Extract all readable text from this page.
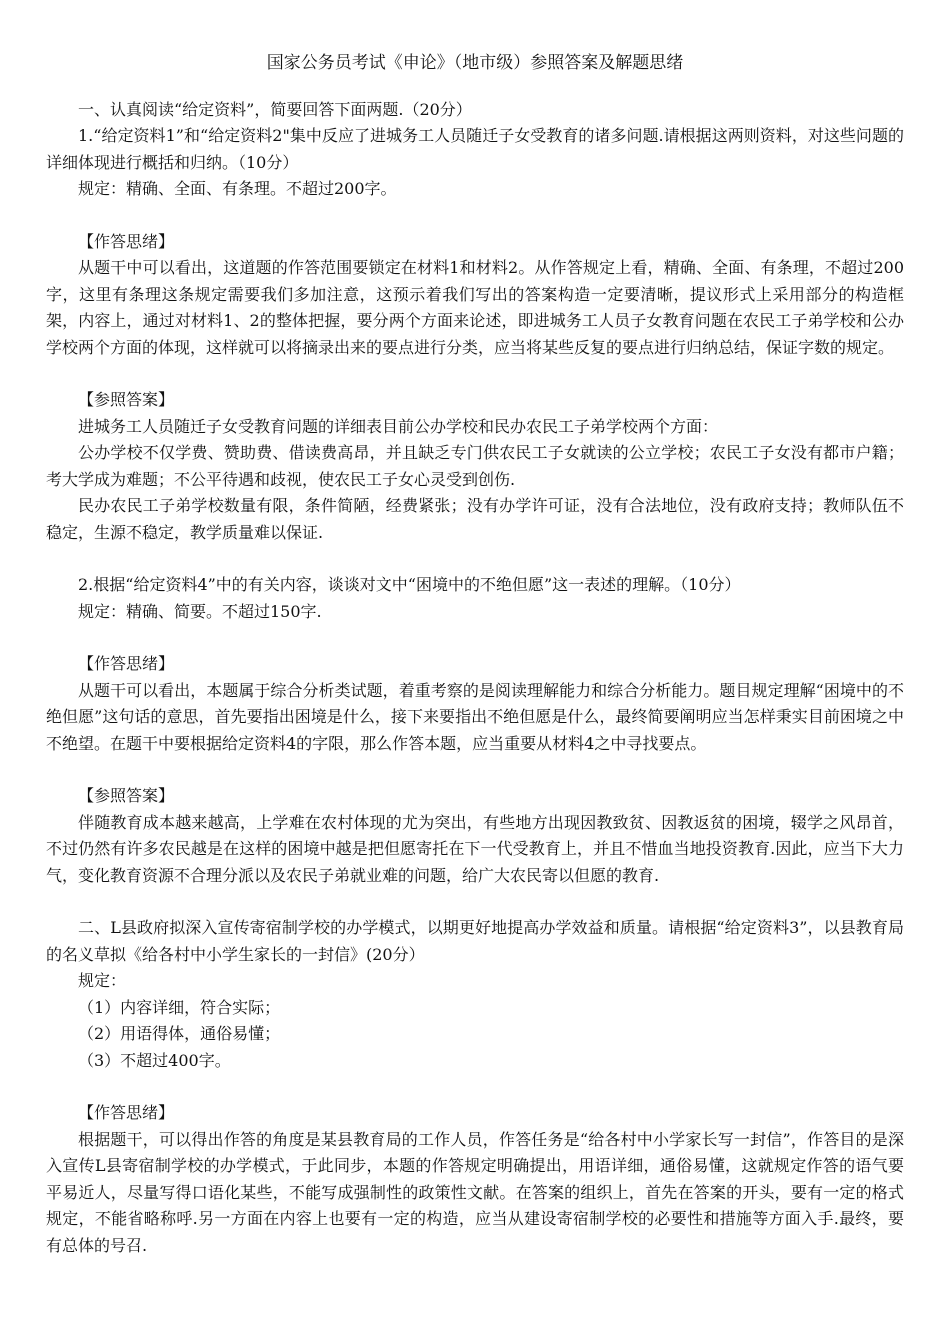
国家公务员考试《申论》（地市级）参照答案及解题思绪

一、认真阅读“给定资料”，简要回答下面两题.（20分）

1.“给定资料1”和“给定资料2"集中反应了进城务工人员随迁子女受教育的诸多问题.请根据这两则资料，对这些问题的详细体现进行概括和归纳。（10分）

规定：精确、全面、有条理。不超过200字。

【作答思绪】

从题干中可以看出，这道题的作答范围要锁定在材料1和材料2。从作答规定上看，精确、全面、有条理，不超过200字，这里有条理这条规定需要我们多加注意，这预示着我们写出的答案构造一定要清晰，提议形式上采用部分的构造框架，内容上，通过对材料1、2的整体把握，要分两个方面来论述，即进城务工人员子女教育问题在农民工子弟学校和公办学校两个方面的体现，这样就可以将摘录出来的要点进行分类，应当将某些反复的要点进行归纳总结，保证字数的规定。

【参照答案】

进城务工人员随迁子女受教育问题的详细表目前公办学校和民办农民工子弟学校两个方面：

公办学校不仅学费、赞助费、借读费高昂，并且缺乏专门供农民工子女就读的公立学校；农民工子女没有都市户籍；考大学成为难题；不公平待遇和歧视，使农民工子女心灵受到创伤.

民办农民工子弟学校数量有限，条件简陋，经费紧张；没有办学许可证，没有合法地位，没有政府支持；教师队伍不稳定，生源不稳定，教学质量难以保证.

2.根据“给定资料4”中的有关内容，谈谈对文中“困境中的不绝但愿”这一表述的理解。（10分）

规定：精确、简要。不超过150字.

【作答思绪】

从题干可以看出，本题属于综合分析类试题，着重考察的是阅读理解能力和综合分析能力。题目规定理解“困境中的不绝但愿”这句话的意思，首先要指出困境是什么，接下来要指出不绝但愿是什么，最终简要阐明应当怎样秉实目前困境之中不绝望。在题干中要根据给定资料4的字限，那么作答本题，应当重要从材料4之中寻找要点。

【参照答案】

伴随教育成本越来越高，上学难在农村体现的尤为突出，有些地方出现因教致贫、因教返贫的困境，辍学之风昂首，不过仍然有许多农民越是在这样的困境中越是把但愿寄托在下一代受教育上，并且不惜血当地投资教育.因此，应当下大力气，变化教育资源不合理分派以及农民子弟就业难的问题，给广大农民寄以但愿的教育.

二、L县政府拟深入宣传寄宿制学校的办学模式，以期更好地提高办学效益和质量。请根据“给定资料3”，以县教育局的名义草拟《给各村中小学生家长的一封信》(20分）

规定：

（1）内容详细，符合实际；

（2）用语得体，通俗易懂；

（3）不超过400字。

【作答思绪】

根据题干，可以得出作答的角度是某县教育局的工作人员，作答任务是“给各村中小学家长写一封信”，作答目的是深入宣传L县寄宿制学校的办学模式，于此同步，本题的作答规定明确提出，用语详细，通俗易懂，这就规定作答的语气要平易近人，尽量写得口语化某些，不能写成强制性的政策性文献。在答案的组织上，首先在答案的开头，要有一定的格式规定，不能省略称呼.另一方面在内容上也要有一定的构造，应当从建设寄宿制学校的必要性和措施等方面入手.最终，要有总体的号召.
